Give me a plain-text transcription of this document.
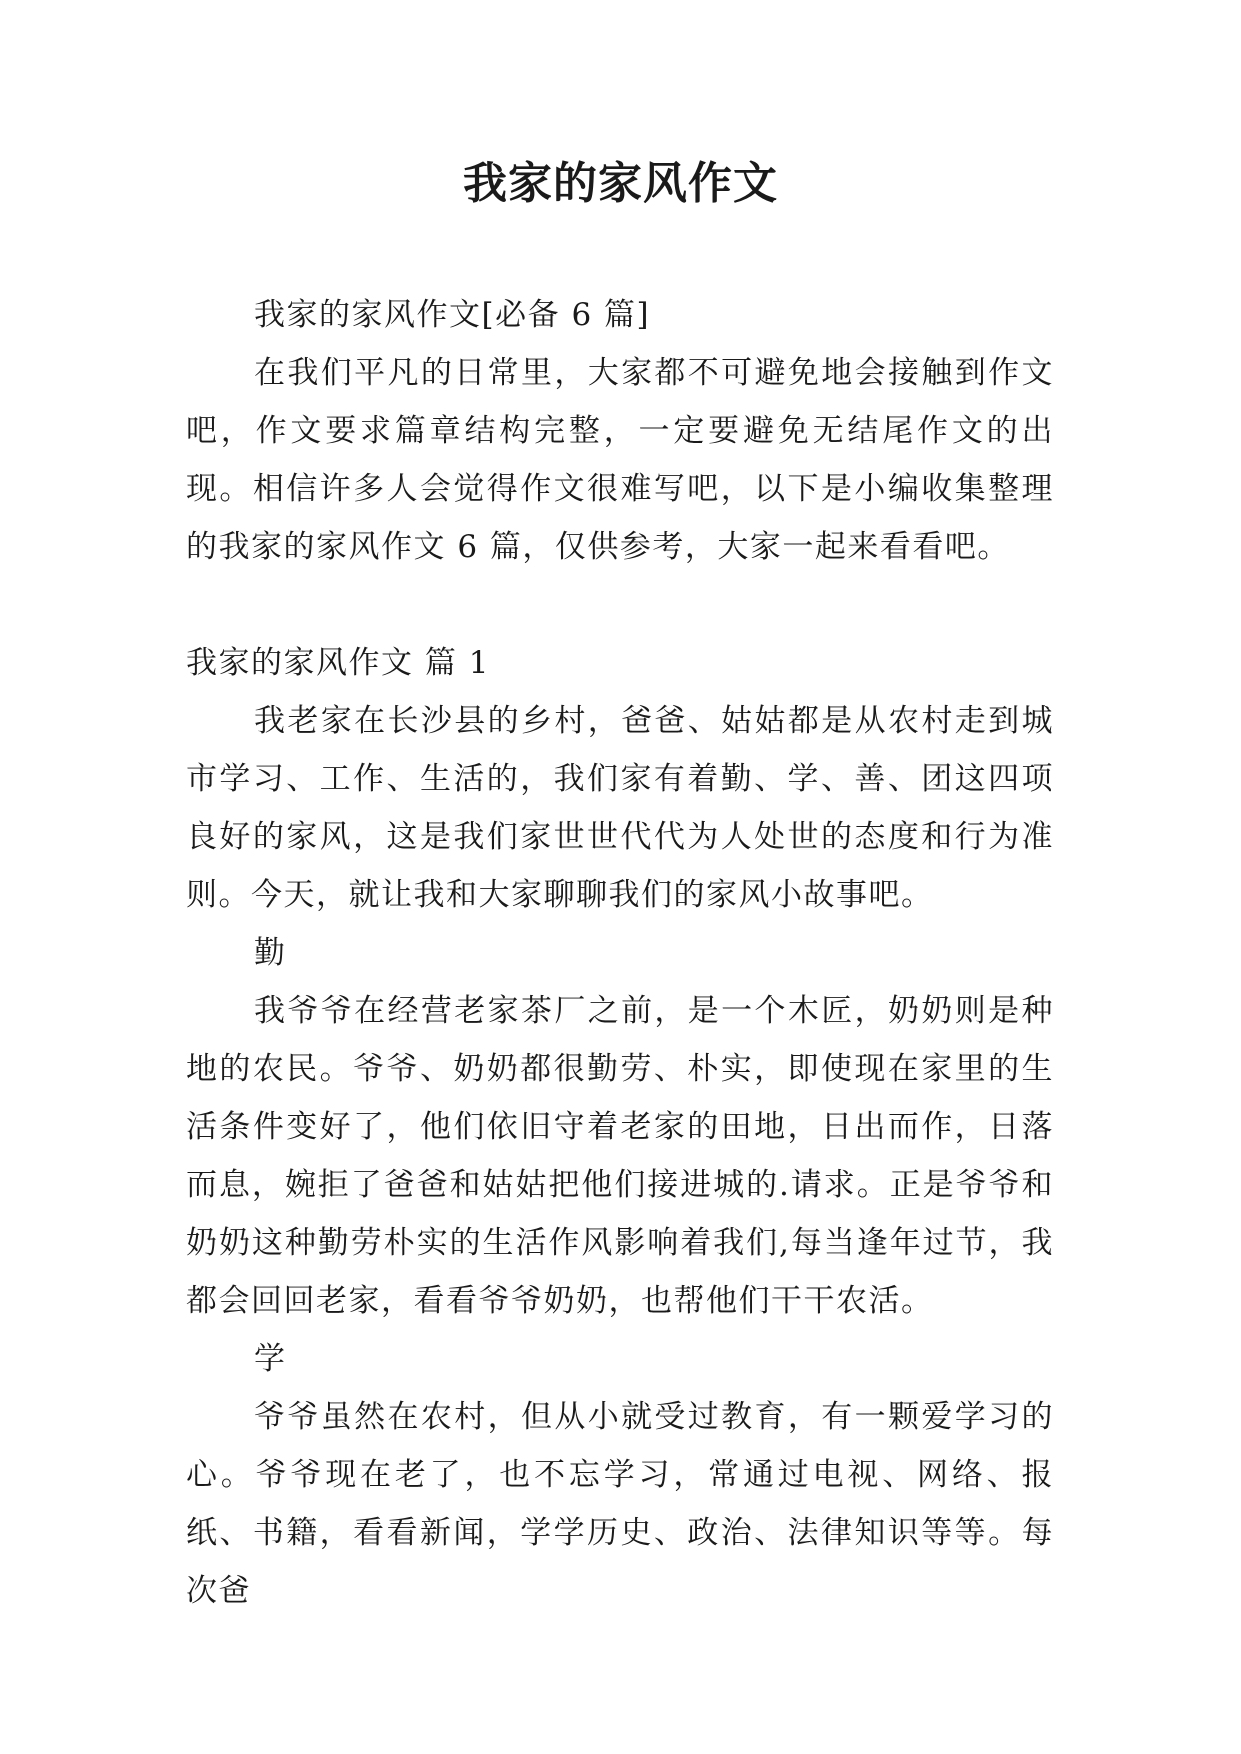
我家的家风作文

我家的家风作文[必备 6 篇]

在我们平凡的日常里，大家都不可避免地会接触到作文吧，作文要求篇章结构完整，一定要避免无结尾作文的出现。相信许多人会觉得作文很难写吧，以下是小编收集整理的我家的家风作文 6 篇，仅供参考，大家一起来看看吧。

我家的家风作文 篇 1

我老家在长沙县的乡村，爸爸、姑姑都是从农村走到城市学习、工作、生活的，我们家有着勤、学、善、团这四项良好的家风，这是我们家世世代代为人处世的态度和行为准则。今天，就让我和大家聊聊我们的家风小故事吧。

勤

我爷爷在经营老家茶厂之前，是一个木匠，奶奶则是种地的农民。爷爷、奶奶都很勤劳、朴实，即使现在家里的生活条件变好了，他们依旧守着老家的田地，日出而作，日落而息，婉拒了爸爸和姑姑把他们接进城的.请求。正是爷爷和奶奶这种勤劳朴实的生活作风影响着我们,每当逢年过节，我都会回回老家，看看爷爷奶奶，也帮他们干干农活。

学

爷爷虽然在农村，但从小就受过教育，有一颗爱学习的心。爷爷现在老了，也不忘学习，常通过电视、网络、报纸、书籍，看看新闻，学学历史、政治、法律知识等等。每次爸
